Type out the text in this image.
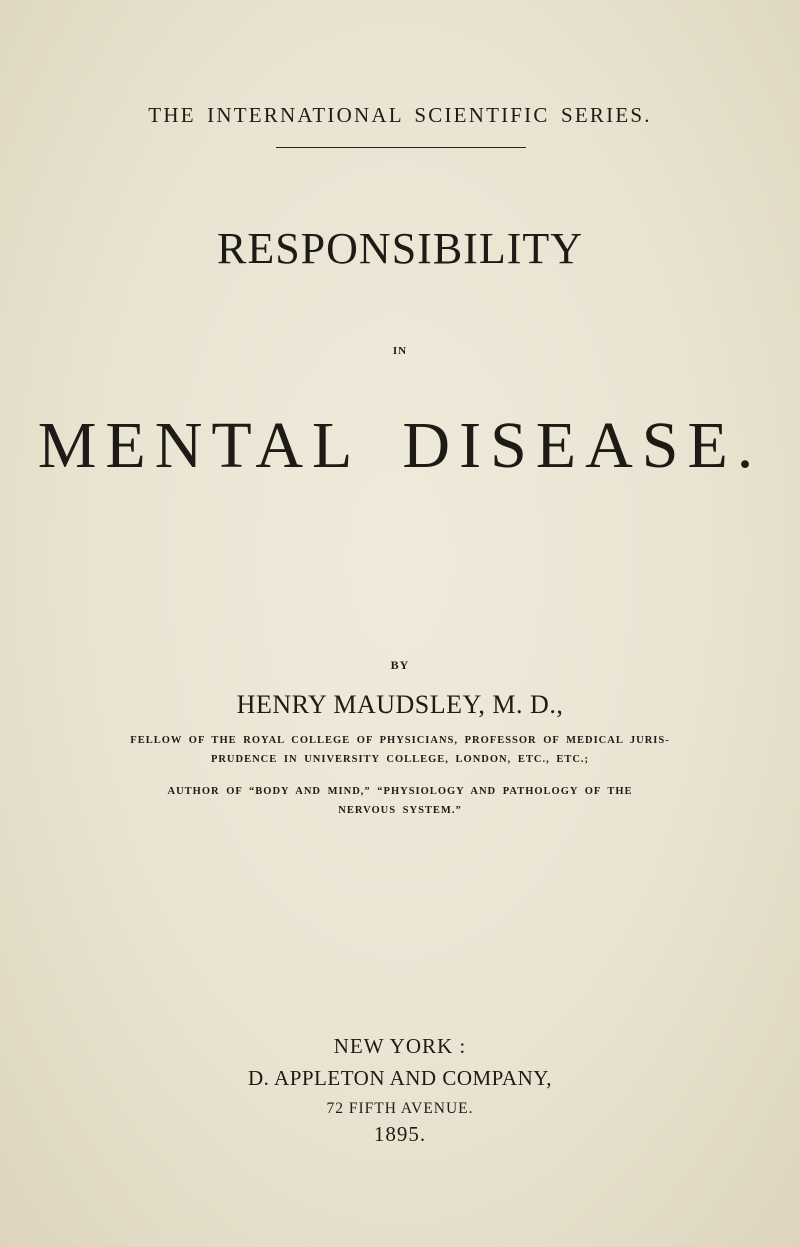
THE INTERNATIONAL SCIENTIFIC SERIES.
RESPONSIBILITY
IN
MENTAL DISEASE.
BY
HENRY MAUDSLEY, M. D.,
FELLOW OF THE ROYAL COLLEGE OF PHYSICIANS, PROFESSOR OF MEDICAL JURIS-
PRUDENCE IN UNIVERSITY COLLEGE, LONDON, ETC., ETC.;
AUTHOR OF “BODY AND MIND,” “PHYSIOLOGY AND PATHOLOGY OF THE
NERVOUS SYSTEM.”
NEW YORK :
D. APPLETON AND COMPANY,
72 FIFTH AVENUE.
1895.
